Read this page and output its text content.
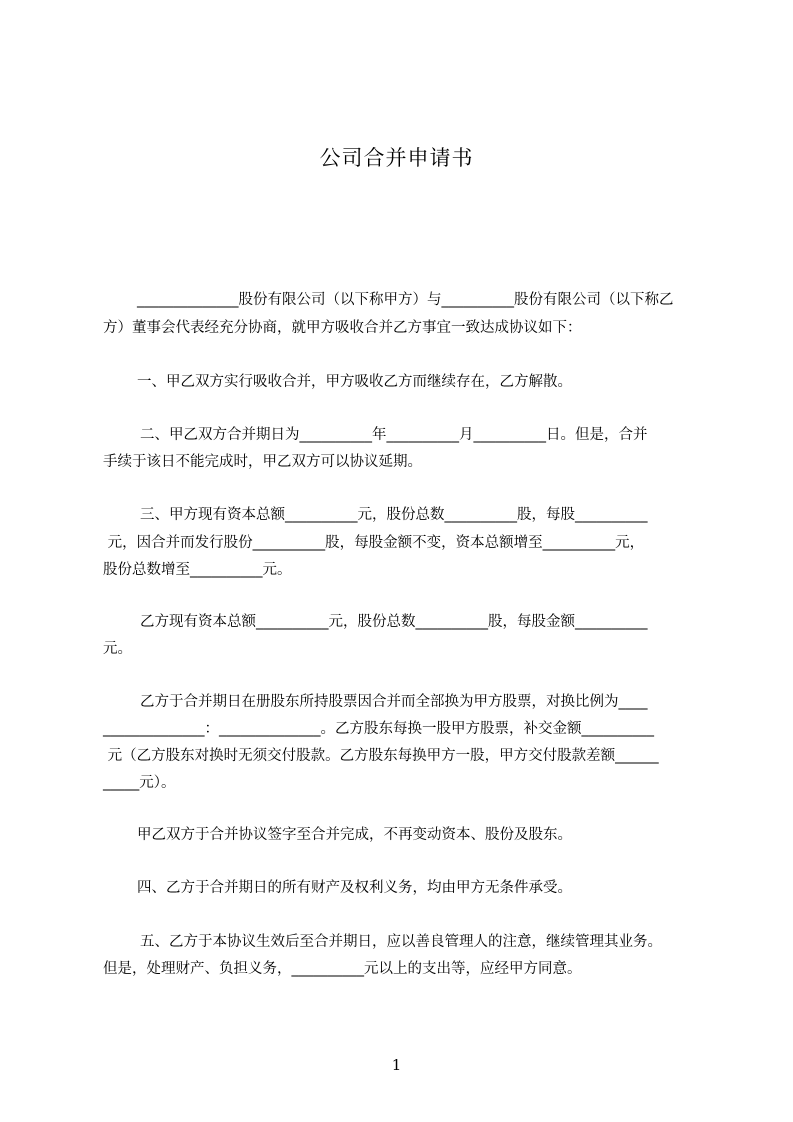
公司合并申请书
______________股份有限公司（以下称甲方）与__________股份有限公司（以下称乙
方）董事会代表经充分协商，就甲方吸收合并乙方事宜一致达成协议如下：
一、甲乙双方实行吸收合并，甲方吸收乙方而继续存在，乙方解散。
二、甲乙双方合并期日为__________年__________月__________日。但是，合并
手续于该日不能完成时，甲乙双方可以协议延期。
三、甲方现有资本总额__________元，股份总数__________股，每股__________
元，因合并而发行股份__________股，每股金额不变，资本总额增至__________元，
股份总数增至__________元。
乙方现有资本总额__________元，股份总数__________股，每股金额__________
元。
乙方于合并期日在册股东所持股票因合并而全部换为甲方股票，对换比例为____
______________：______________。乙方股东每换一股甲方股票，补交金额__________
元（乙方股东对换时无须交付股款。乙方股东每换甲方一股，甲方交付股款差额______
_____元）。
甲乙双方于合并协议签字至合并完成，不再变动资本、股份及股东。
四、乙方于合并期日的所有财产及权利义务，均由甲方无条件承受。
五、乙方于本协议生效后至合并期日，应以善良管理人的注意，继续管理其业务。
但是，处理财产、负担义务，__________元以上的支出等，应经甲方同意。
1
